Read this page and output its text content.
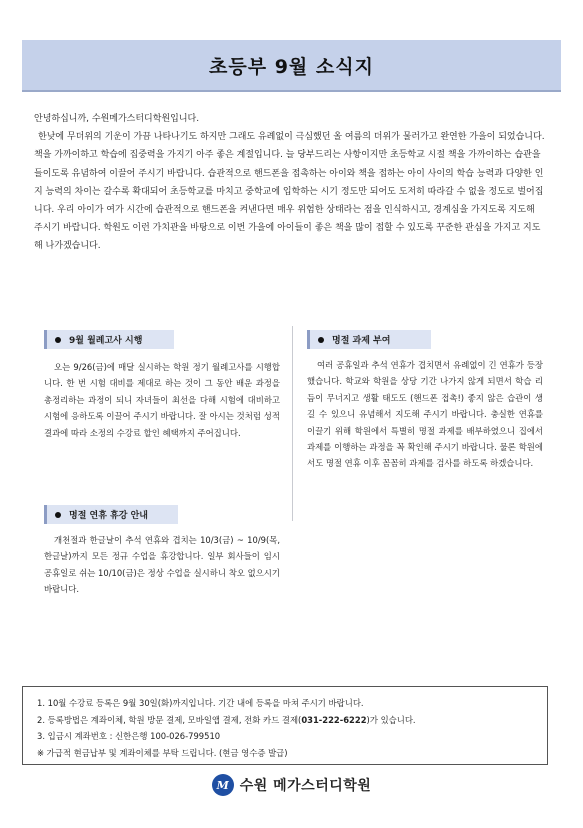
초등부 9월 소식지

안녕하십니까, 수원메가스터디학원입니다.

한낮에 무더위의 기운이 가끔 나타나기도 하지만 그래도 유례없이 극심했던 올 여름의 더위가 물러가고 완연한 가을이 되었습니다. 책을 가까이하고 학습에 집중력을 가지기 아주 좋은 계절입니다. 늘 당부드리는 사항이지만 초등학교 시절 책을 가까이하는 습관을 들이도록 유념하여 이끌어 주시기 바랍니다. 습관적으로 핸드폰을 접촉하는 아이와 책을 접하는 아이 사이의 학습 능력과 다양한 인지 능력의 차이는 갈수록 확대되어 초등학교를 마치고 중학교에 입학하는 시기 정도만 되어도 도저히 따라갈 수 없을 정도로 벌어집니다. 우리 아이가 여가 시간에 습관적으로 핸드폰을 켜낸다면 매우 위험한 상태라는 점을 인식하시고, 경계심을 가지도록 지도해 주시기 바랍니다. 학원도 이런 가치관을 바탕으로 이번 가을에 아이들이 좋은 책을 많이 접할 수 있도록 꾸준한 관심을 가지고 지도해 나가겠습니다.

9월 월례고사 시행
오는 9/26(금)에 매달 실시하는 학원 정기 월례고사를 시행합니다. 한 번 시험 대비를 제대로 하는 것이 그 동안 배운 과정을 총정리하는 과정이 되니 자녀들이 최선을 다해 시험에 대비하고 시험에 응하도록 이끌어 주시기 바랍니다. 잘 아시는 것처럼 성적 결과에 따라 소정의 수강료 할인 혜택까지 주어집니다.
명절 연휴 휴강 안내
개천절과 한글날이 추석 연휴와 겹치는 10/3(금) ~ 10/9(목,한글날)까지 모든 정규 수업을 휴강합니다. 일부 회사들이 임시 공휴일로 쉬는 10/10(금)은 정상 수업을 실시하니 착오 없으시기 바랍니다.
명절 과제 부여
여러 공휴일과 추석 연휴가 겹치면서 유례없이 긴 연휴가 등장했습니다. 학교와 학원을 상당 기간 나가지 않게 되면서 학습 리듬이 무너지고 생활 태도도 (핸드폰 접촉!) 좋지 않은 습관이 생길 수 있으니 유념해서 지도해 주시기 바랍니다. 충실한 연휴를 이끌기 위해 학원에서 특별히 명절 과제를 배부하였으니 집에서 과제를 이행하는 과정을 꼭 확인해 주시기 바랍니다. 물론 학원에서도 명절 연휴 이후 꼼꼼히 과제를 검사를 하도록 하겠습니다.
1. 10월 수강료 등록은 9월 30일(화)까지입니다. 기간 내에 등록을 마쳐 주시기 바랍니다.
2. 등록방법은 계좌이체, 학원 방문 결제, 모바일앱 결제, 전화 카드 결제(031-222-6222)가 있습니다.
3. 입금시 계좌번호 : 신한은행 100-026-799510
※ 가급적 현금납부 및 계좌이체를 부탁 드립니다. (현금 영수증 발급)
M 수원 메가스터디학원
